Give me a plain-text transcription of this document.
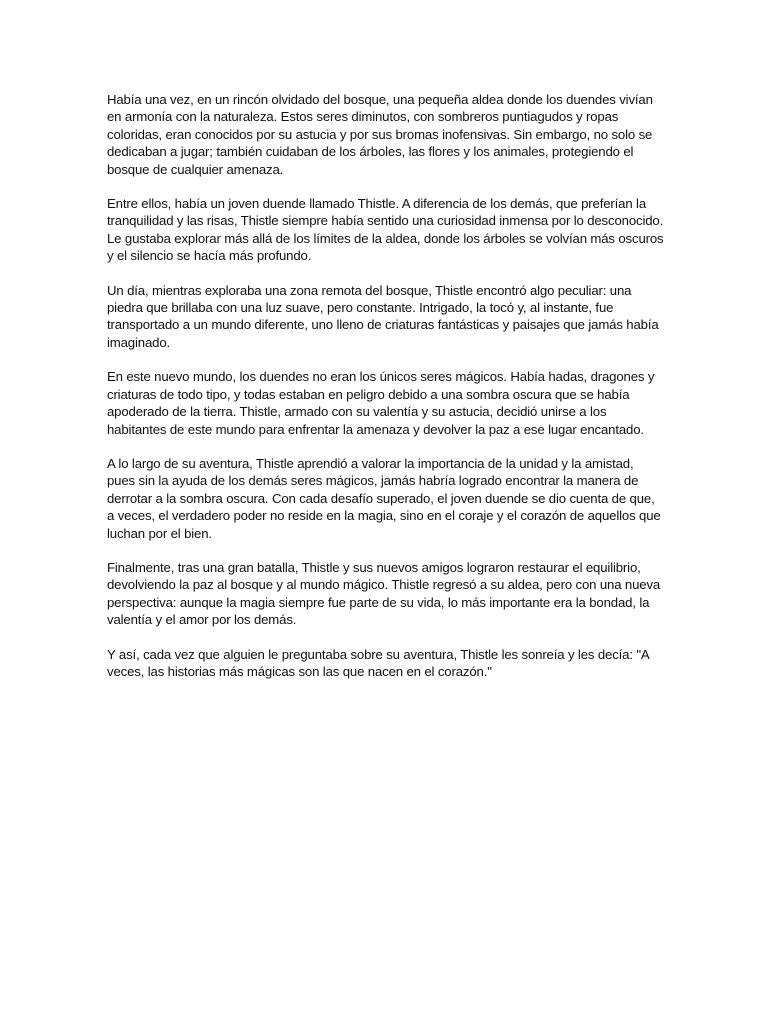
Había una vez, en un rincón olvidado del bosque, una pequeña aldea donde los duendes vivían en armonía con la naturaleza. Estos seres diminutos, con sombreros puntiagudos y ropas coloridas, eran conocidos por su astucia y por sus bromas inofensivas. Sin embargo, no solo se dedicaban a jugar; también cuidaban de los árboles, las flores y los animales, protegiendo el bosque de cualquier amenaza.

Entre ellos, había un joven duende llamado Thistle. A diferencia de los demás, que preferían la tranquilidad y las risas, Thistle siempre había sentido una curiosidad inmensa por lo desconocido. Le gustaba explorar más allá de los límites de la aldea, donde los árboles se volvían más oscuros y el silencio se hacía más profundo.

Un día, mientras exploraba una zona remota del bosque, Thistle encontró algo peculiar: una piedra que brillaba con una luz suave, pero constante. Intrigado, la tocó y, al instante, fue transportado a un mundo diferente, uno lleno de criaturas fantásticas y paisajes que jamás había imaginado.

En este nuevo mundo, los duendes no eran los únicos seres mágicos. Había hadas, dragones y criaturas de todo tipo, y todas estaban en peligro debido a una sombra oscura que se había apoderado de la tierra. Thistle, armado con su valentía y su astucia, decidió unirse a los habitantes de este mundo para enfrentar la amenaza y devolver la paz a ese lugar encantado.

A lo largo de su aventura, Thistle aprendió a valorar la importancia de la unidad y la amistad, pues sin la ayuda de los demás seres mágicos, jamás habría logrado encontrar la manera de derrotar a la sombra oscura. Con cada desafío superado, el joven duende se dio cuenta de que, a veces, el verdadero poder no reside en la magia, sino en el coraje y el corazón de aquellos que luchan por el bien.

Finalmente, tras una gran batalla, Thistle y sus nuevos amigos lograron restaurar el equilibrio, devolviendo la paz al bosque y al mundo mágico. Thistle regresó a su aldea, pero con una nueva perspectiva: aunque la magia siempre fue parte de su vida, lo más importante era la bondad, la valentía y el amor por los demás.

Y así, cada vez que alguien le preguntaba sobre su aventura, Thistle les sonreía y les decía: "A veces, las historias más mágicas son las que nacen en el corazón."
